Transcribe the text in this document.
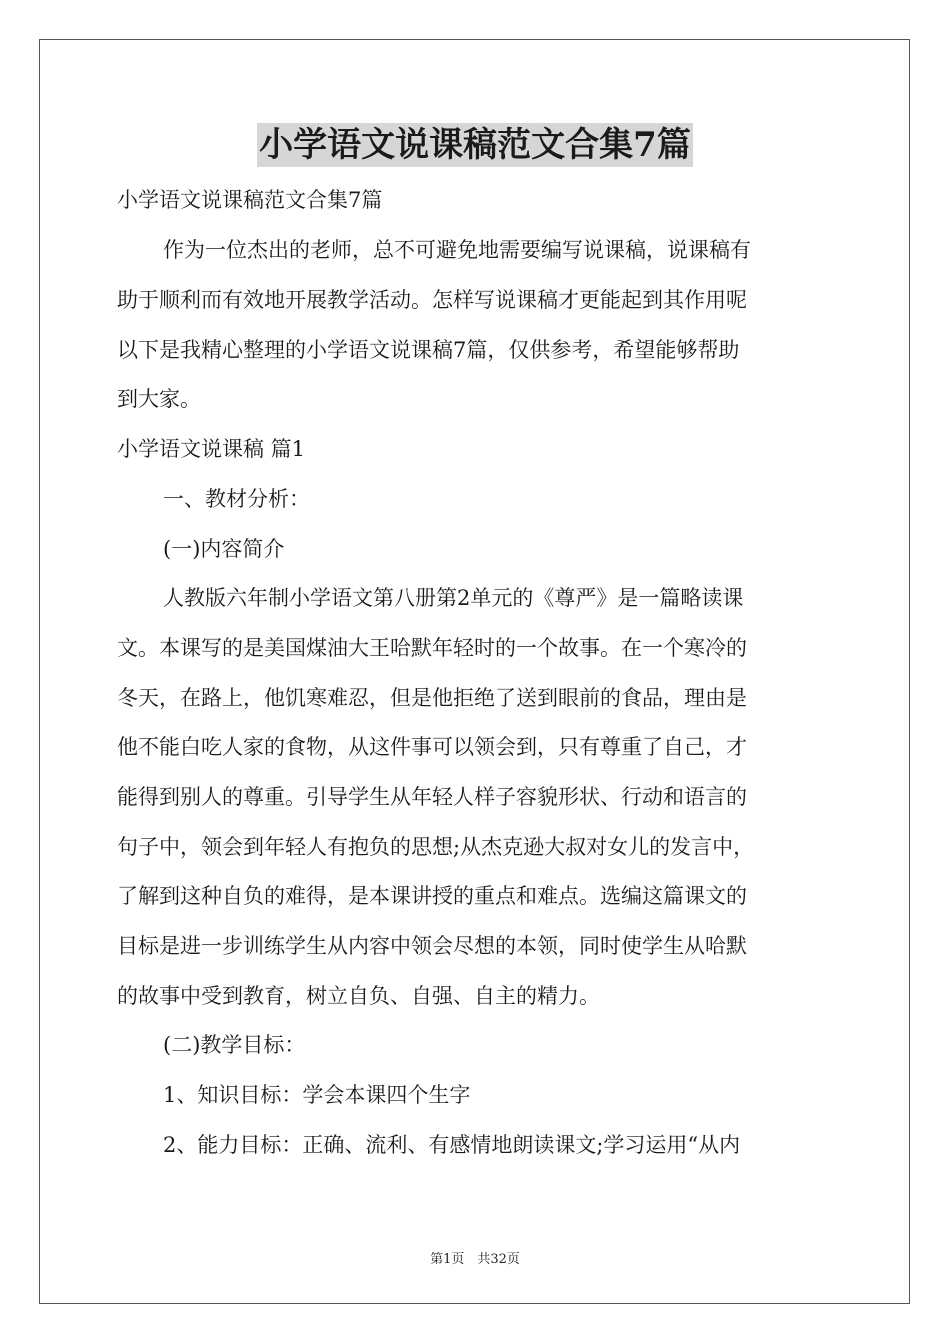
小学语文说课稿范文合集7篇
小学语文说课稿范文合集7篇
作为一位杰出的老师，总不可避免地需要编写说课稿，说课稿有
助于顺利而有效地开展教学活动。怎样写说课稿才更能起到其作用呢
以下是我精心整理的小学语文说课稿7篇，仅供参考，希望能够帮助
到大家。
小学语文说课稿 篇1
一、教材分析：
(一)内容简介
人教版六年制小学语文第八册第2单元的《尊严》是一篇略读课
文。本课写的是美国煤油大王哈默年轻时的一个故事。在一个寒冷的
冬天，在路上，他饥寒难忍，但是他拒绝了送到眼前的食品，理由是
他不能白吃人家的食物，从这件事可以领会到，只有尊重了自己，才
能得到别人的尊重。引导学生从年轻人样子容貌形状、行动和语言的
句子中，领会到年轻人有抱负的思想;从杰克逊大叔对女儿的发言中，
了解到这种自负的难得，是本课讲授的重点和难点。选编这篇课文的
目标是进一步训练学生从内容中领会尽想的本领，同时使学生从哈默
的故事中受到教育，树立自负、自强、自主的精力。
(二)教学目标：
1、知识目标：学会本课四个生字
2、能力目标：正确、流利、有感情地朗读课文;学习运用“从内
第1页　共32页
